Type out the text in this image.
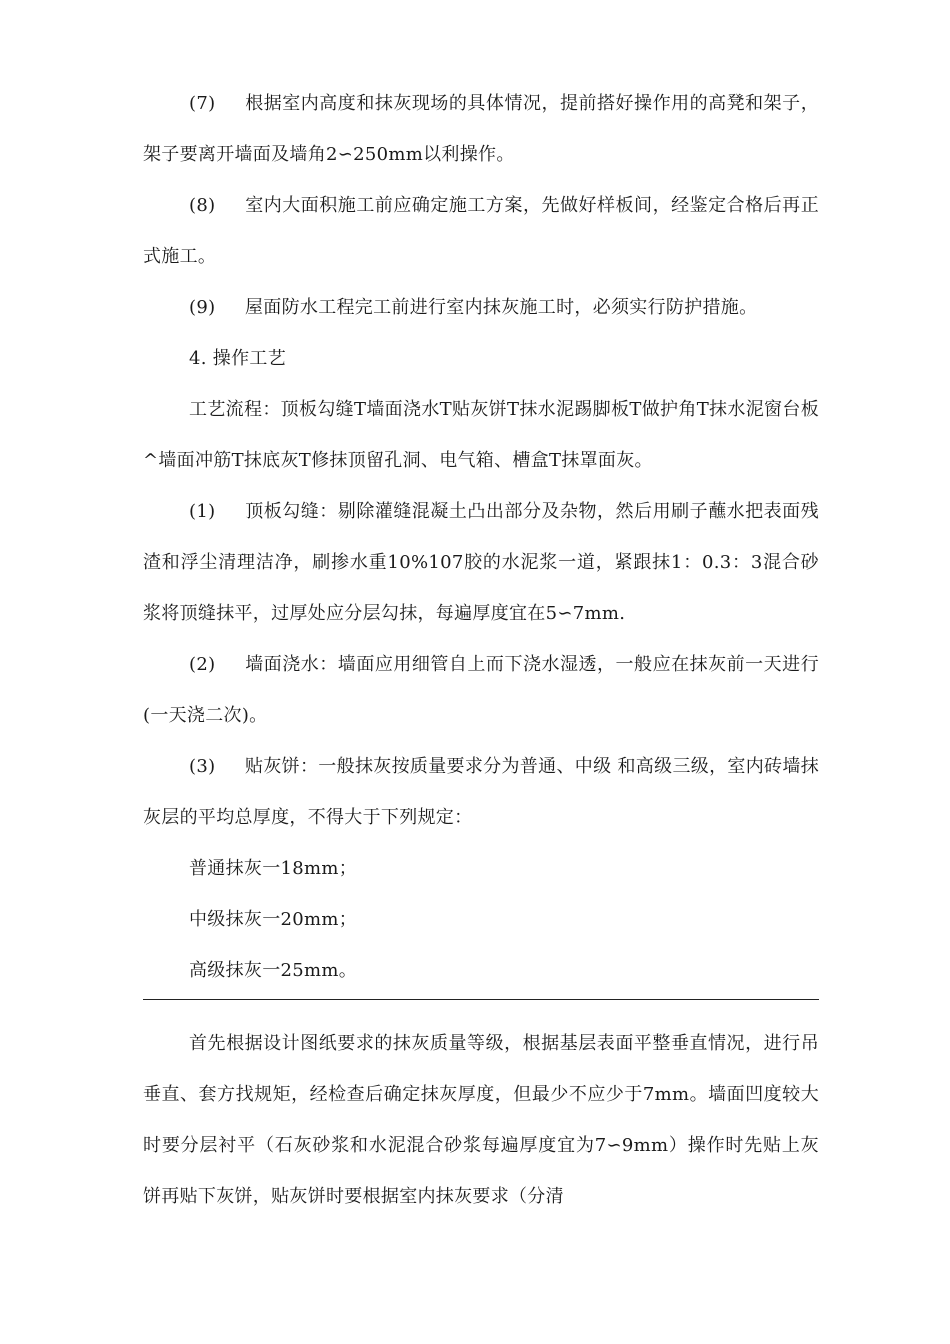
(7) 根据室内高度和抹灰现场的具体情况，提前搭好操作用的高凳和架子，架子要离开墙面及墙角2∽250mm以利操作。

(8) 室内大面积施工前应确定施工方案，先做好样板间，经鉴定合格后再正式施工。

(9) 屋面防水工程完工前进行室内抹灰施工时，必须实行防护措施。

4. 操作工艺

工艺流程：顶板勾缝T墙面浇水T贴灰饼T抹水泥踢脚板T做护角T抹水泥窗台板^墙面冲筋T抹底灰T修抹顶留孔洞、电气箱、槽盒T抹罩面灰。

(1) 顶板勾缝：剔除灌缝混凝土凸出部分及杂物，然后用刷子蘸水把表面残渣和浮尘清理洁净，刷掺水重10%107胶的水泥浆一道，紧跟抹1：0.3：3混合砂浆将顶缝抹平，过厚处应分层勾抹，每遍厚度宜在5∽7mm.

(2) 墙面浇水：墙面应用细管自上而下浇水湿透，一般应在抹灰前一天进行(一天浇二次)。

(3) 贴灰饼：一般抹灰按质量要求分为普通、中级 和高级三级，室内砖墙抹灰层的平均总厚度，不得大于下列规定：

普通抹灰一18mm；

中级抹灰一20mm；

高级抹灰一25mm。

首先根据设计图纸要求的抹灰质量等级，根据基层表面平整垂直情况，进行吊垂直、套方找规矩，经检查后确定抹灰厚度，但最少不应少于7mm。墙面凹度较大时要分层衬平（石灰砂浆和水泥混合砂浆每遍厚度宜为7∽9mm）操作时先贴上灰饼再贴下灰饼，贴灰饼时要根据室内抹灰要求（分清
